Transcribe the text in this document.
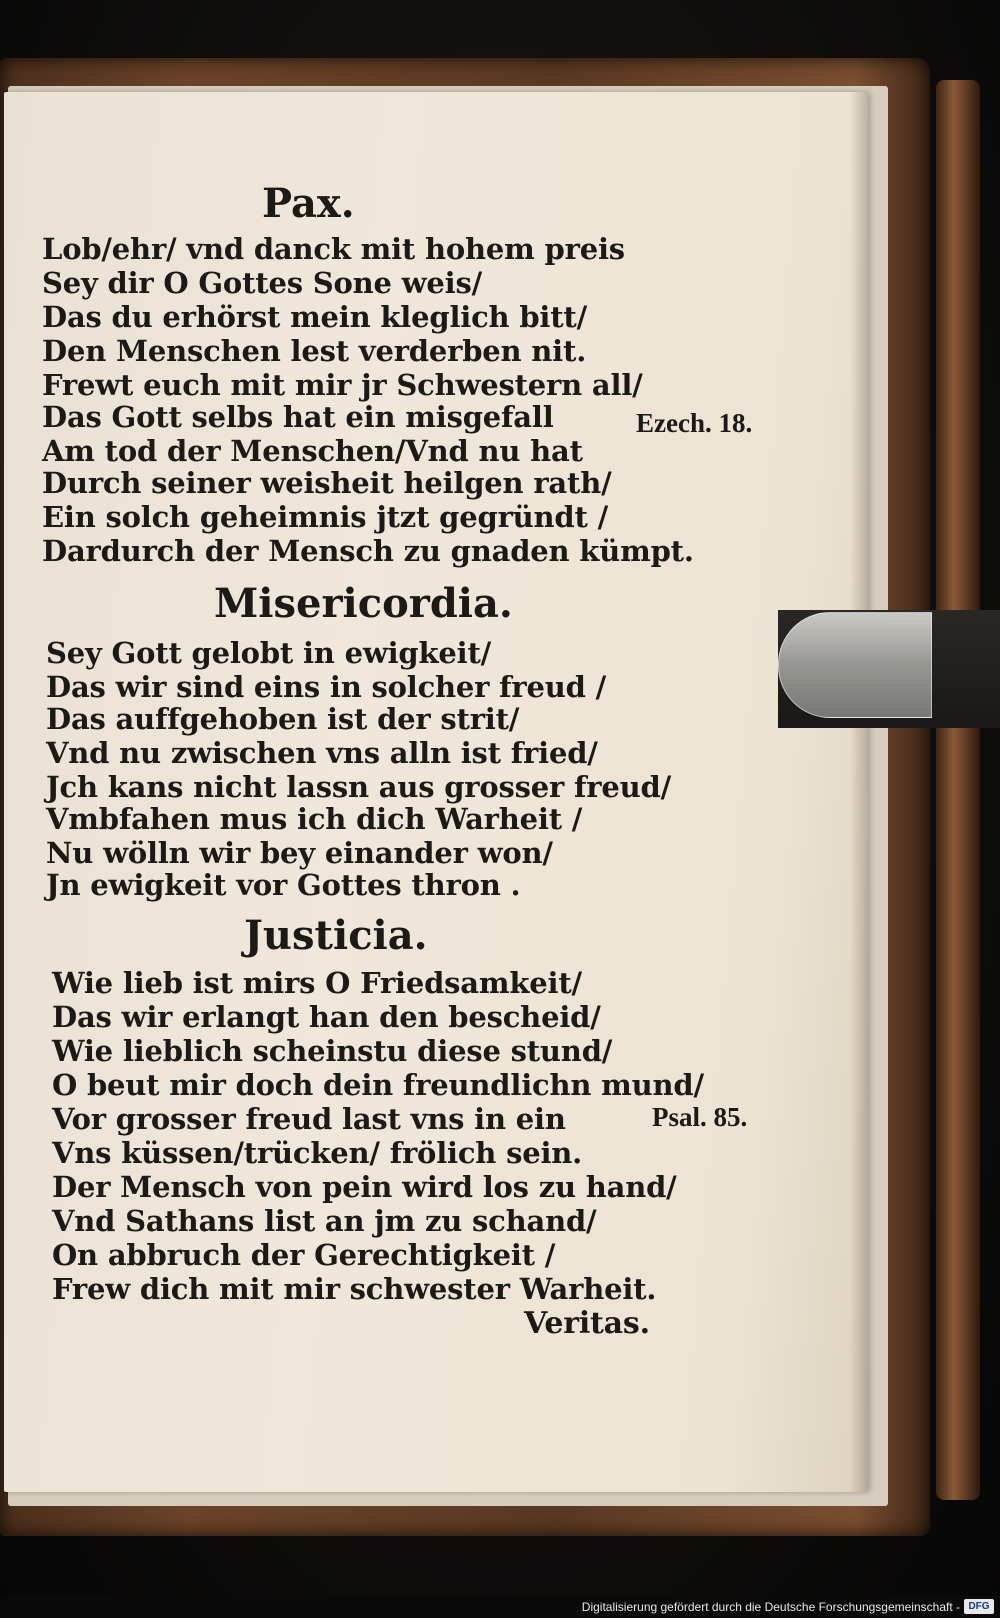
Pax.
Lob/ehr/ vnd danck mit hohem preis
Sey dir O Gottes Sone weis/
Das du erhörst mein kleglich bitt/
Den Menschen lest verderben nit.
Frewt euch mit mir jr Schwestern all/
Das Gott selbs hat ein misgefall
Am tod der Menschen/Vnd nu hat
Durch seiner weisheit heilgen rath/
Ein solch geheimnis jtzt gegründt /
Dardurch der Mensch zu gnaden kümpt.
Ezech. 18.
Misericordia.
Sey Gott gelobt in ewigkeit/
Das wir sind eins in solcher freud /
Das auffgehoben ist der strit/
Vnd nu zwischen vns alln ist fried/
Jch kans nicht lassn aus grosser freud/
Vmbfahen mus ich dich Warheit /
Nu wölln wir bey einander won/
Jn ewigkeit vor Gottes thron .
Justicia.
Wie lieb ist mirs O Friedsamkeit/
Das wir erlangt han den bescheid/
Wie lieblich scheinstu diese stund/
O beut mir doch dein freundlichn mund/
Vor grosser freud last vns in ein
Vns küssen/trücken/ frölich sein.
Der Mensch von pein wird los zu hand/
Vnd Sathans list an jm zu schand/
On abbruch der Gerechtigkeit /
Frew dich mit mir schwester Warheit.
Psal. 85.
Veritas.
Digitalisierung gefördert durch die Deutsche Forschungsgemeinschaft - DFG
